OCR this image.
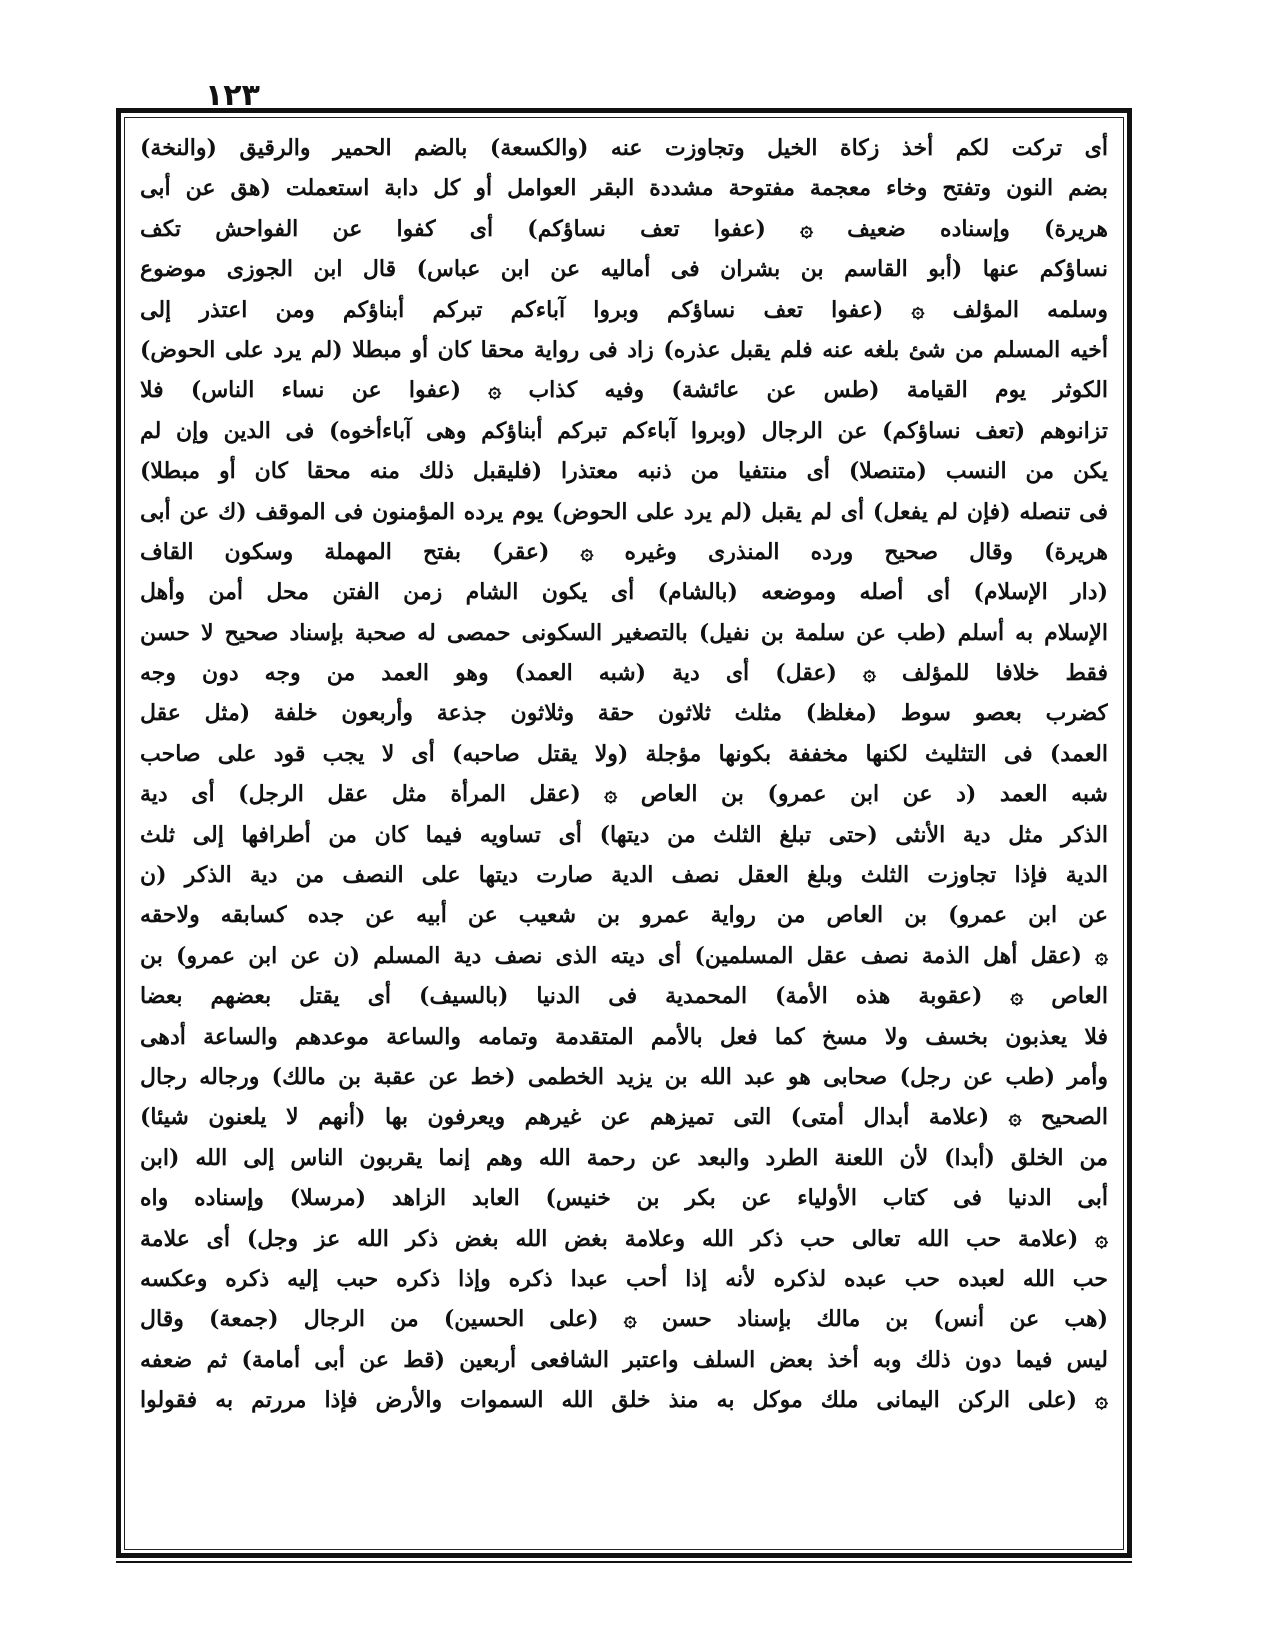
١٢٣
أى تركت لكم أخذ زكاة الخيل وتجاوزت عنه (والكسعة) بالضم الحمير والرقيق (والنخة)
بضم النون وتفتح وخاء معجمة مفتوحة مشددة البقر العوامل أو كل دابة استعملت (هق عن أبى
هريرة) وإسناده ضعيف ۞ (عفوا تعف نساؤكم) أى كفوا عن الفواحش تكف
نساؤكم عنها (أبو القاسم بن بشران فى أماليه عن ابن عباس) قال ابن الجوزى موضوع
وسلمه المؤلف ۞ (عفوا تعف نساؤكم وبروا آباءكم تبركم أبناؤكم ومن اعتذر إلى
أخيه المسلم من شئ بلغه عنه فلم يقبل عذره) زاد فى رواية محقا كان أو مبطلا (لم يرد على الحوض)
الكوثر يوم القيامة (طس عن عائشة) وفيه كذاب ۞ (عفوا عن نساء الناس) فلا
تزانوهم (تعف نساؤكم) عن الرجال (وبروا آباءكم تبركم أبناؤكم وهى آباءأخوه) فى الدين وإن لم
يكن من النسب (متنصلا) أى منتفيا من ذنبه معتذرا (فليقبل ذلك منه محقا كان أو مبطلا)
فى تنصله (فإن لم يفعل) أى لم يقبل (لم يرد على الحوض) يوم يرده المؤمنون فى الموقف (ك عن أبى
هريرة) وقال صحيح ورده المنذرى وغيره ۞ (عقر) بفتح المهملة وسكون القاف
(دار الإسلام) أى أصله وموضعه (بالشام) أى يكون الشام زمن الفتن محل أمن وأهل
الإسلام به أسلم (طب عن سلمة بن نفيل) بالتصغير السكونى حمصى له صحبة بإسناد صحيح لا حسن
فقط خلافا للمؤلف ۞ (عقل) أى دية (شبه العمد) وهو العمد من وجه دون وجه
كضرب بعصو سوط (مغلظ) مثلث ثلاثون حقة وثلاثون جذعة وأربعون خلفة (مثل عقل
العمد) فى التثليث لكنها مخففة بكونها مؤجلة (ولا يقتل صاحبه) أى لا يجب قود على صاحب
شبه العمد (د عن ابن عمرو) بن العاص ۞ (عقل المرأة مثل عقل الرجل) أى دية
الذكر مثل دية الأنثى (حتى تبلغ الثلث من ديتها) أى تساويه فيما كان من أطرافها إلى ثلث
الدية فإذا تجاوزت الثلث وبلغ العقل نصف الدية صارت ديتها على النصف من دية الذكر (ن
عن ابن عمرو) بن العاص من رواية عمرو بن شعيب عن أبيه عن جده كسابقه ولاحقه
۞ (عقل أهل الذمة نصف عقل المسلمين) أى ديته الذى نصف دية المسلم (ن عن ابن عمرو) بن
العاص ۞ (عقوبة هذه الأمة) المحمدية فى الدنيا (بالسيف) أى يقتل بعضهم بعضا
فلا يعذبون بخسف ولا مسخ كما فعل بالأمم المتقدمة وتمامه والساعة موعدهم والساعة أدهى
وأمر (طب عن رجل) صحابى هو عبد الله بن يزيد الخطمى (خط عن عقبة بن مالك) ورجاله رجال
الصحيح ۞ (علامة أبدال أمتى) التى تميزهم عن غيرهم ويعرفون بها (أنهم لا يلعنون شيئا)
من الخلق (أبدا) لأن اللعنة الطرد والبعد عن رحمة الله وهم إنما يقربون الناس إلى الله (ابن
أبى الدنيا فى كتاب الأولياء عن بكر بن خنيس) العابد الزاهد (مرسلا) وإسناده واه
۞ (علامة حب الله تعالى حب ذكر الله وعلامة بغض الله بغض ذكر الله عز وجل) أى علامة
حب الله لعبده حب عبده لذكره لأنه إذا أحب عبدا ذكره وإذا ذكره حبب إليه ذكره وعكسه
(هب عن أنس) بن مالك بإسناد حسن ۞ (على الحسين) من الرجال (جمعة) وقال
ليس فيما دون ذلك وبه أخذ بعض السلف واعتبر الشافعى أربعين (قط عن أبى أمامة) ثم ضعفه
۞ (على الركن اليمانى ملك موكل به منذ خلق الله السموات والأرض فإذا مررتم به فقولوا
